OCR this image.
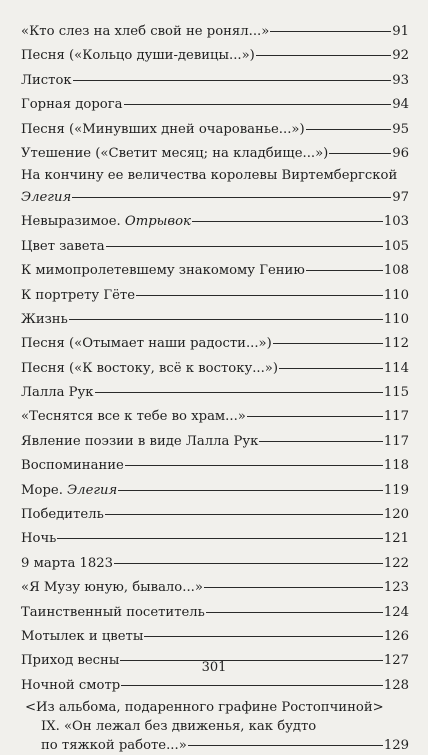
«Кто слез на хлеб свой не ронял...»	91
Песня («Кольцо души-девицы...»)	92
Листок	93
Горная дорога	94
Песня («Минувших дней очарованье...»)	95
Утешение («Светит месяц; на кладбище...»)	96
На кончину ее величества королевы Виртембергской
Элегия	97
Невыразимое. Отрывок	103
Цвет завета	105
К мимопролетевшему знакомому Гению	108
К портрету Гёте	110
Жизнь	110
Песня («Отымает наши радости...»)	112
Песня («К востоку, всё к востоку...»)	114
Лалла Рук	115
«Теснятся все к тебе во храм...»	117
Явление поэзии в виде Лалла Рук	117
Воспоминание	118
Море. Элегия	119
Победитель	120
Ночь	121
9 марта 1823	122
«Я Музу юную, бывало...»	123
Таинственный посетитель	124
Мотылек и цветы	126
Приход весны	127
Ночной смотр	128
<Из альбома, подаренного графине Ростопчиной>
IX. «Он лежал без движенья, как будто
по тяжкой работе...»	129
301
